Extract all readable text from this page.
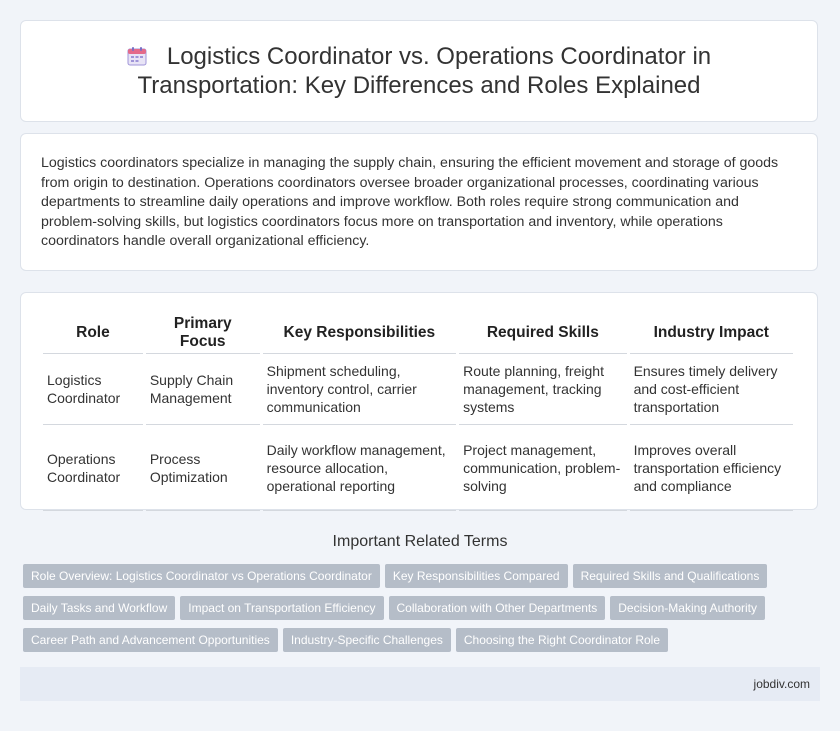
Logistics Coordinator vs. Operations Coordinator in Transportation: Key Differences and Roles Explained
Logistics coordinators specialize in managing the supply chain, ensuring the efficient movement and storage of goods from origin to destination. Operations coordinators oversee broader organizational processes, coordinating various departments to streamline daily operations and improve workflow. Both roles require strong communication and problem-solving skills, but logistics coordinators focus more on transportation and inventory, while operations coordinators handle overall organizational efficiency.
Role	Primary Focus	Key Responsibilities	Required Skills	Industry Impact
Logistics Coordinator	Supply Chain Management	Shipment scheduling, inventory control, carrier communication	Route planning, freight management, tracking systems	Ensures timely delivery and cost-efficient transportation
Operations Coordinator	Process Optimization	Daily workflow management, resource allocation, operational reporting	Project management, communication, problem-solving	Improves overall transportation efficiency and compliance
Important Related Terms
Role Overview: Logistics Coordinator vs Operations Coordinator Key Responsibilities Compared Required Skills and QualificationsDaily Tasks and Workflow Impact on Transportation Efficiency Collaboration with Other Departments Decision-Making AuthorityCareer Path and Advancement Opportunities Industry-Specific Challenges Choosing the Right Coordinator Role
jobdiv.com
